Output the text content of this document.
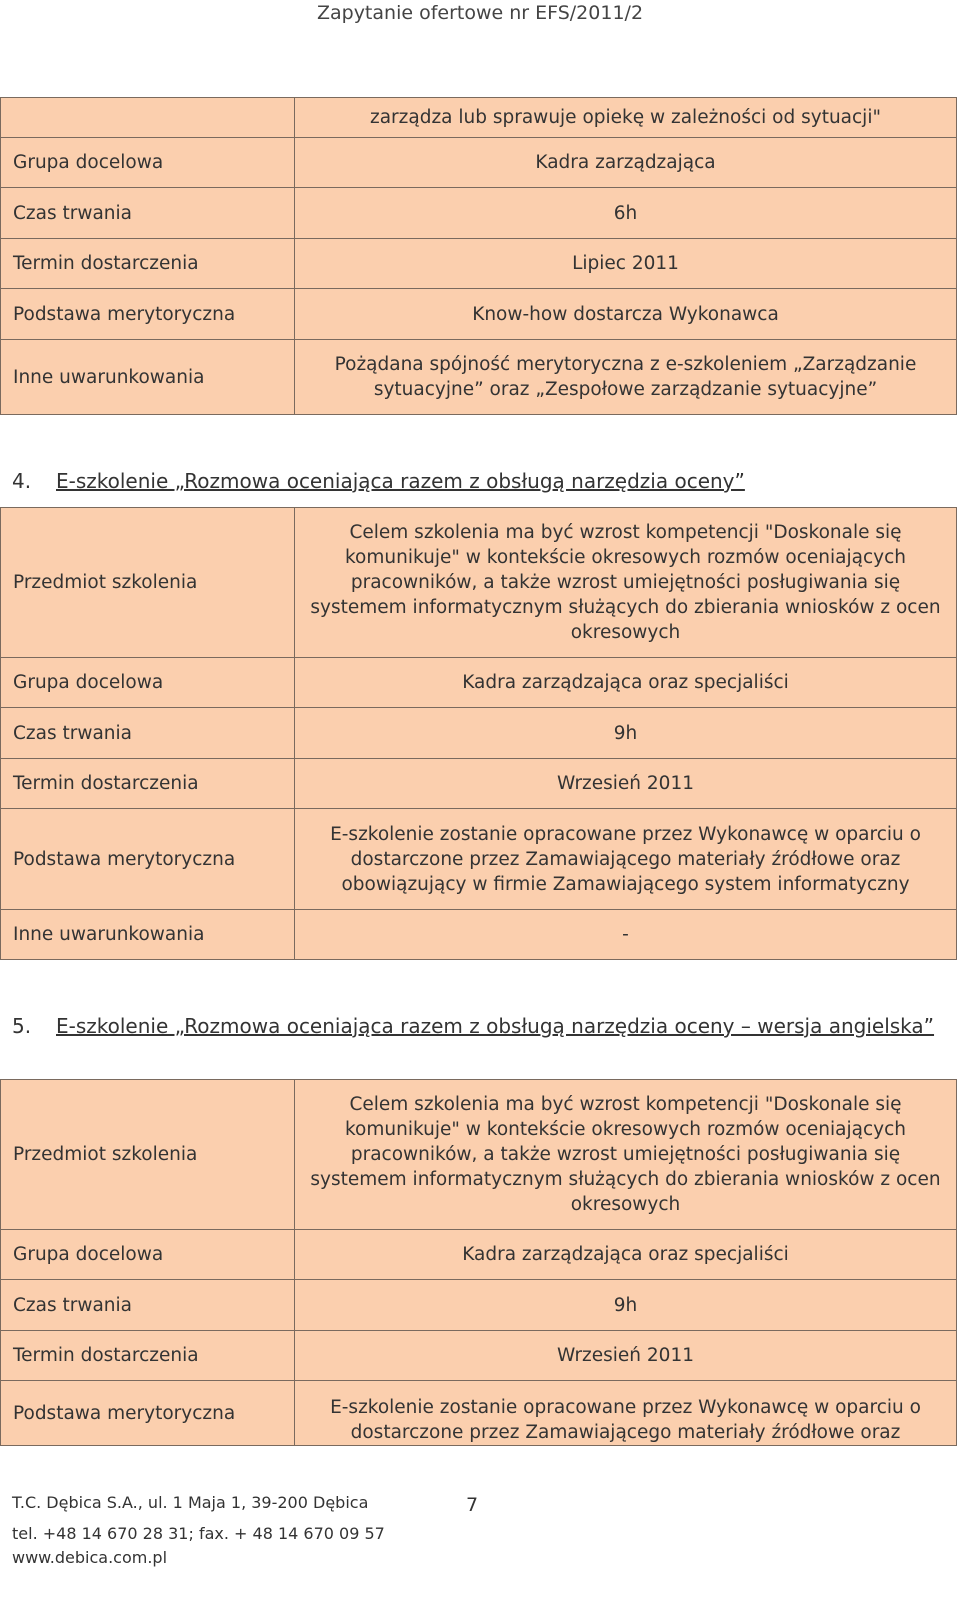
Zapytanie ofertowe nr EFS/2011/2
	zarządza lub sprawuje opiekę w zależności od sytuacji"
Grupa docelowa	Kadra zarządzająca
Czas trwania	6h
Termin dostarczenia	Lipiec 2011
Podstawa merytoryczna	Know-how dostarcza Wykonawca
Inne uwarunkowania	Pożądana spójność merytoryczna z e-szkoleniem „Zarządzanie sytuacyjne” oraz „Zespołowe zarządzanie sytuacyjne”
4. E-szkolenie „Rozmowa oceniająca razem z obsługą narzędzia oceny”
Przedmiot szkolenia	Celem szkolenia ma być wzrost kompetencji "Doskonale się komunikuje" w kontekście okresowych rozmów oceniających pracowników, a także wzrost umiejętności posługiwania się systemem informatycznym służących do zbierania wniosków z ocen okresowych
Grupa docelowa	Kadra zarządzająca oraz specjaliści
Czas trwania	9h
Termin dostarczenia	Wrzesień 2011
Podstawa merytoryczna	E-szkolenie zostanie opracowane przez Wykonawcę w oparciu o dostarczone przez Zamawiającego materiały źródłowe oraz obowiązujący w firmie Zamawiającego system informatyczny
Inne uwarunkowania	-
5. E-szkolenie „Rozmowa oceniająca razem z obsługą narzędzia oceny – wersja angielska”
Przedmiot szkolenia	Celem szkolenia ma być wzrost kompetencji "Doskonale się komunikuje" w kontekście okresowych rozmów oceniających pracowników, a także wzrost umiejętności posługiwania się systemem informatycznym służących do zbierania wniosków z ocen okresowych
Grupa docelowa	Kadra zarządzająca oraz specjaliści
Czas trwania	9h
Termin dostarczenia	Wrzesień 2011
Podstawa merytoryczna	E-szkolenie zostanie opracowane przez Wykonawcę w oparciu o dostarczone przez Zamawiającego materiały źródłowe oraz
T.C. Dębica S.A., ul. 1 Maja 1, 39-200 Dębica	7
tel. +48 14 670 28 31; fax. + 48 14 670 09 57
www.debica.com.pl
